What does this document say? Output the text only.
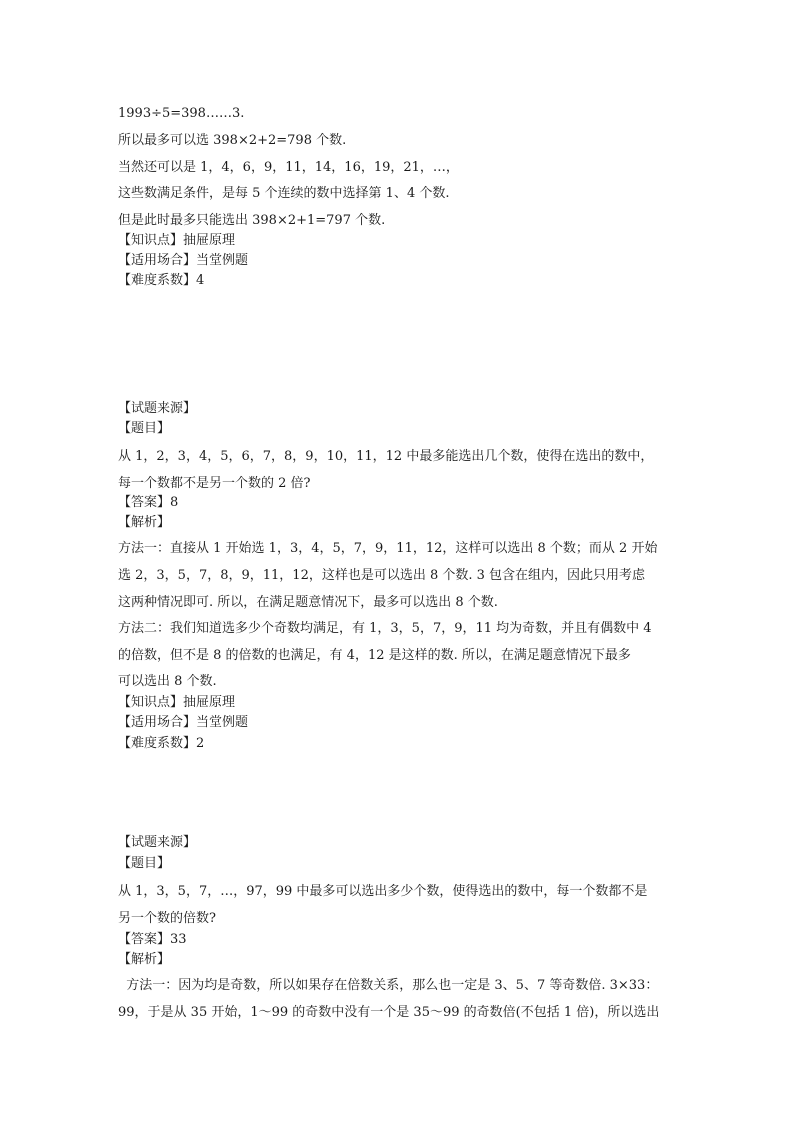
1993÷5=398……3.
所以最多可以选 398×2+2=798 个数.
当然还可以是 1，4，6，9，11，14，16，19，21，…，
这些数满足条件，是每 5 个连续的数中选择第 1、4 个数.
但是此时最多只能选出 398×2+1=797 个数.
【知识点】抽屉原理
【适用场合】当堂例题
【难度系数】4
【试题来源】
【题目】
从 1，2，3，4，5，6，7，8，9，10，11，12 中最多能选出几个数，使得在选出的数中，
每一个数都不是另一个数的 2 倍?
【答案】8
【解析】
方法一：直接从 1 开始选 1，3，4，5，7，9，11，12，这样可以选出 8 个数；而从 2 开始
选 2，3，5，7，8，9，11，12，这样也是可以选出 8 个数. 3 包含在组内，因此只用考虑
这两种情况即可. 所以，在满足题意情况下，最多可以选出 8 个数.
方法二：我们知道选多少个奇数均满足，有 1，3，5，7，9，11 均为奇数，并且有偶数中 4
的倍数，但不是 8 的倍数的也满足，有 4，12 是这样的数. 所以，在满足题意情况下最多
可以选出 8 个数.
【知识点】抽屉原理
【适用场合】当堂例题
【难度系数】2
【试题来源】
【题目】
从 1，3，5，7，…，97，99 中最多可以选出多少个数，使得选出的数中，每一个数都不是
另一个数的倍数?
【答案】33
【解析】
方法一：因为均是奇数，所以如果存在倍数关系，那么也一定是 3、5、7 等奇数倍. 3×33：
99，于是从 35 开始，1～99 的奇数中没有一个是 35～99 的奇数倍(不包括 1 倍)，所以选出
